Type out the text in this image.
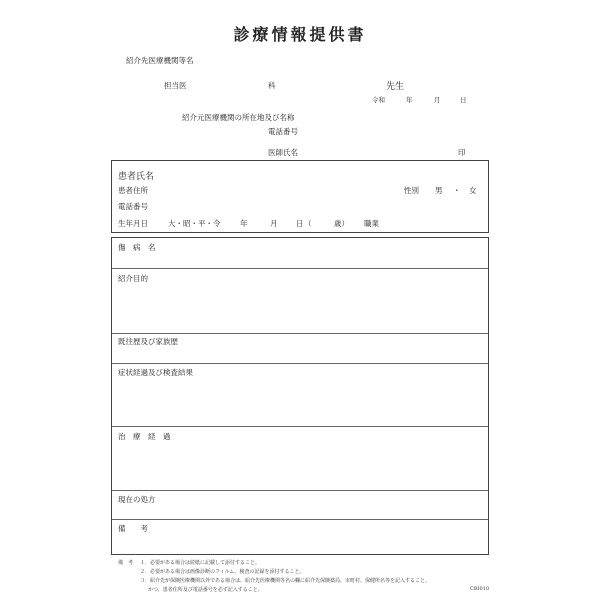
診療情報提供書
紹介先医療機関等名
担当医	科	先生
令和	年	月	日
紹介元医療機関の所在地及び名称
電話番号
医師氏名	印
患者氏名
患者住所	性別 男 ・ 女
電話番号
生年月日	大・昭・平・令	年	月 日 （	歳） 職業
傷　病　名
紹介目的
既往歴及び家族歴
症状経過及び検査結果
治　療　経　過
現在の処方
備　　考
備　考 １．必要がある場合は続紙に記載して添付すること。
２．必要がある場合は画像診断のフィルム、検査の記録を添付すること。
３．紹介先が保険医療機関以外である場合は、紹介先医療機関等名の欄に紹介先保険薬局、市町村、保健所名等を記入すること。
かつ、患者住所及び電話番号を必ず記入すること。	CBI010
